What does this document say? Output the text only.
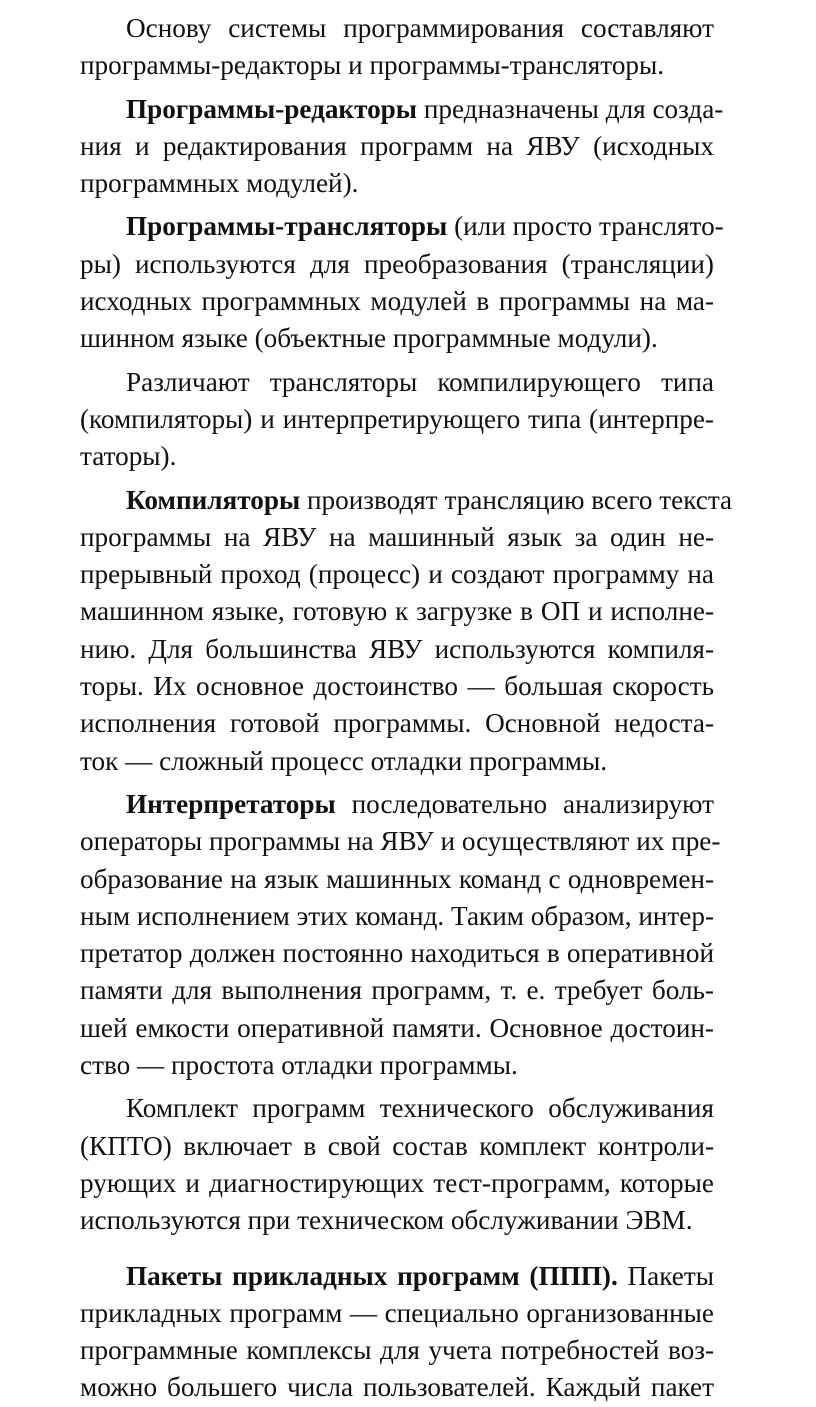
Основу системы программирования составляют
программы-редакторы и программы-трансляторы.

Программы-редакторы предназначены для созда-
ния и редактирования программ на ЯВУ (исходных
программных модулей).

Программы-трансляторы (или просто транслято-
ры) используются для преобразования (трансляции)
исходных программных модулей в программы на ма-
шинном языке (объектные программные модули).

Различают трансляторы компилирующего типа
(компиляторы) и интерпретирующего типа (интерпре-
таторы).

Компиляторы производят трансляцию всего текста
программы на ЯВУ на машинный язык за один не-
прерывный проход (процесс) и создают программу на
машинном языке, готовую к загрузке в ОП и исполне-
нию. Для большинства ЯВУ используются компиля-
торы. Их основное достоинство — большая скорость
исполнения готовой программы. Основной недоста-
ток — сложный процесс отладки программы.

Интерпретаторы последовательно анализируют
операторы программы на ЯВУ и осуществляют их пре-
образование на язык машинных команд с одновремен-
ным исполнением этих команд. Таким образом, интер-
претатор должен постоянно находиться в оперативной
памяти для выполнения программ, т. е. требует боль-
шей емкости оперативной памяти. Основное достоин-
ство — простота отладки программы.

Комплект программ технического обслуживания
(КПТО) включает в свой состав комплект контроли-
рующих и диагностирующих тест-программ, которые
используются при техническом обслуживании ЭВМ.

Пакеты прикладных программ (ППП). Пакеты
прикладных программ — специально организованные
программные комплексы для учета потребностей воз-
можно большего числа пользователей. Каждый пакет
